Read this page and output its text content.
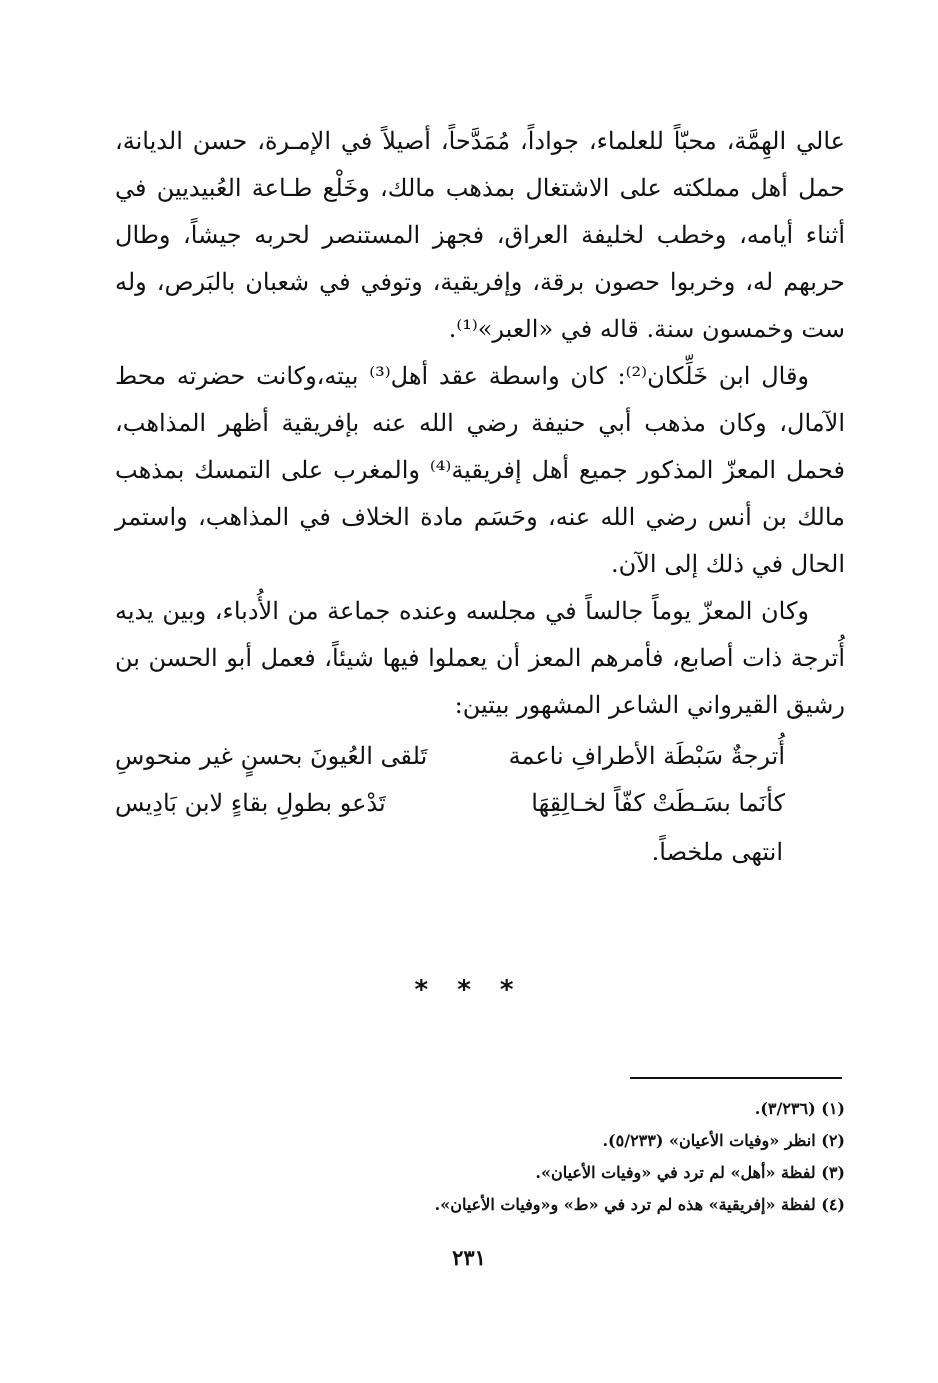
عالي الهِمَّة، محبّاً للعلماء، جواداً، مُمَدَّحاً، أصيلاً في الإمـرة، حسن الديانة، حمل أهل مملكته على الاشتغال بمذهب مالك، وخَلْع طـاعة العُبيديين في أثناء أيامه، وخطب لخليفة العراق، فجهز المستنصر لحربه جيشاً، وطال حربهم له، وخربوا حصون برقة، وإفريقية، وتوفي في شعبان بالبَرص، وله ست وخمسون سنة. قاله في «العبر»⁽¹⁾.

وقال ابن خَلِّكان⁽²⁾: كان واسطة عقد أهل⁽³⁾ بيته،وكانت حضرته محط الآمال، وكان مذهب أبي حنيفة رضي الله عنه بإفريقية أظهر المذاهب، فحمل المعزّ المذكور جميع أهل إفريقية⁽⁴⁾ والمغرب على التمسك بمذهب مالك بن أنس رضي الله عنه، وحَسَم مادة الخلاف في المذاهب، واستمر الحال في ذلك إلى الآن.

وكان المعزّ يوماً جالساً في مجلسه وعنده جماعة من الأُدباء، وبين يديه أُترجة ذات أصابع، فأمرهم المعز أن يعملوا فيها شيئاً، فعمل أبو الحسن بن رشيق القيرواني الشاعر المشهور بيتين:

أُترجةٌ سَبْطَة الأطرافِ ناعمة
تَلقى العُيونَ بحسنٍ غير منحوسِ
كأنَما بسَـطَتْ كفّاً لخـالِقِهَا
تَدْعو بطولِ بقاءٍ لابن بَادِيس

انتهى ملخصاً.

* * *

(١) (٣/٢٣٦).

(٢) انظر «وفيات الأعيان» (٥/٢٣٣).

(٣) لفظة «أهل» لم ترد في «وفيات الأعيان».

(٤) لفظة «إفريقية» هذه لم ترد في «ط» و«وفيات الأعيان».

٢٣١
